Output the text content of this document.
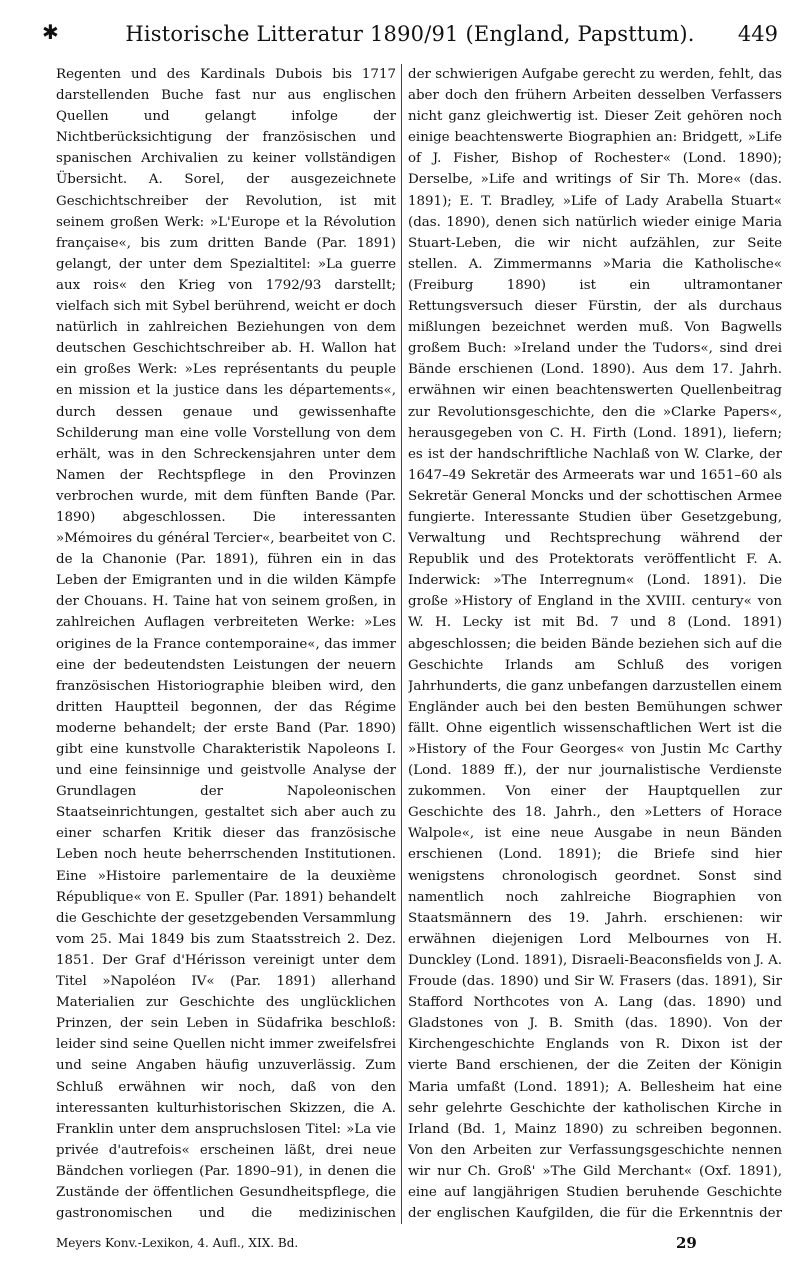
✱	Historische Litteratur 1890/91 (England, Papsttum).	449

Regenten und des Kardinals Dubois bis 1717 darstellenden Buche fast nur aus englischen Quellen und gelangt infolge der Nichtberücksichtigung der französischen und spanischen Archivalien zu keiner vollständigen Übersicht. A. Sorel, der ausgezeichnete Geschichtschreiber der Revolution, ist mit seinem großen Werk: »L'Europe et la Révolution française«, bis zum dritten Bande (Par. 1891) gelangt, der unter dem Spezialtitel: »La guerre aux rois« den Krieg von 1792/93 darstellt; vielfach sich mit Sybel berührend, weicht er doch natürlich in zahlreichen Beziehungen von dem deutschen Geschichtschreiber ab. H. Wallon hat ein großes Werk: »Les représentants du peuple en mission et la justice dans les départements«, durch dessen genaue und gewissenhafte Schilderung man eine volle Vorstellung von dem erhält, was in den Schreckensjahren unter dem Namen der Rechtspflege in den Provinzen verbrochen wurde, mit dem fünften Bande (Par. 1890) abgeschlossen. Die interessanten »Mémoires du général Tercier«, bearbeitet von C. de la Chanonie (Par. 1891), führen ein in das Leben der Emigranten und in die wilden Kämpfe der Chouans. H. Taine hat von seinem großen, in zahlreichen Auflagen verbreiteten Werke: »Les origines de la France contemporaine«, das immer eine der bedeutendsten Leistungen der neuern französischen Historiographie bleiben wird, den dritten Hauptteil begonnen, der das Régime moderne behandelt; der erste Band (Par. 1890) gibt eine kunstvolle Charakteristik Napoleons I. und eine feinsinnige und geistvolle Analyse der Grundlagen der Napoleonischen Staatseinrichtungen, gestaltet sich aber auch zu einer scharfen Kritik dieser das französische Leben noch heute beherrschenden Institutionen. Eine »Histoire parlementaire de la deuxième République« von E. Spuller (Par. 1891) behandelt die Geschichte der gesetzgebenden Versammlung vom 25. Mai 1849 bis zum Staatsstreich 2. Dez. 1851. Der Graf d'Hérisson vereinigt unter dem Titel »Napoléon IV« (Par. 1891) allerhand Materialien zur Geschichte des unglücklichen Prinzen, der sein Leben in Südafrika beschloß: leider sind seine Quellen nicht immer zweifelsfrei und seine Angaben häufig unzuverlässig. Zum Schluß erwähnen wir noch, daß von den interessanten kulturhistorischen Skizzen, die A. Franklin unter dem anspruchslosen Titel: »La vie privée d'autrefois« erscheinen läßt, drei neue Bändchen vorliegen (Par. 1890–91), in denen die Zustände der öffentlichen Gesundheitspflege, die gastronomischen und die medizinischen

der schwierigen Aufgabe gerecht zu werden, fehlt, das aber doch den frühern Arbeiten desselben Verfassers nicht ganz gleichwertig ist. Dieser Zeit gehören noch einige beachtenswerte Biographien an: Bridgett, »Life of J. Fisher, Bishop of Rochester« (Lond. 1890); Derselbe, »Life and writings of Sir Th. More« (das. 1891); E. T. Bradley, »Life of Lady Arabella Stuart« (das. 1890), denen sich natürlich wieder einige Maria Stuart-Leben, die wir nicht aufzählen, zur Seite stellen. A. Zimmermanns »Maria die Katholische« (Freiburg 1890) ist ein ultramontaner Rettungsversuch dieser Fürstin, der als durchaus mißlungen bezeichnet werden muß. Von Bagwells großem Buch: »Ireland under the Tudors«, sind drei Bände erschienen (Lond. 1890). Aus dem 17. Jahrh. erwähnen wir einen beachtenswerten Quellenbeitrag zur Revolutionsgeschichte, den die »Clarke Papers«, herausgegeben von C. H. Firth (Lond. 1891), liefern; es ist der handschriftliche Nachlaß von W. Clarke, der 1647–49 Sekretär des Armeerats war und 1651–60 als Sekretär General Moncks und der schottischen Armee fungierte. Interessante Studien über Gesetzgebung, Verwaltung und Rechtsprechung während der Republik und des Protektorats veröffentlicht F. A. Inderwick: »The Interregnum« (Lond. 1891). Die große »History of England in the XVIII. century« von W. H. Lecky ist mit Bd. 7 und 8 (Lond. 1891) abgeschlossen; die beiden Bände beziehen sich auf die Geschichte Irlands am Schluß des vorigen Jahrhunderts, die ganz unbefangen darzustellen einem Engländer auch bei den besten Bemühungen schwer fällt. Ohne eigentlich wissenschaftlichen Wert ist die »History of the Four Georges« von Justin Mc Carthy (Lond. 1889 ff.), der nur journalistische Verdienste zukommen. Von einer der Hauptquellen zur Geschichte des 18. Jahrh., den »Letters of Horace Walpole«, ist eine neue Ausgabe in neun Bänden erschienen (Lond. 1891); die Briefe sind hier wenigstens chronologisch geordnet. Sonst sind namentlich noch zahlreiche Biographien von Staatsmännern des 19. Jahrh. erschienen: wir erwähnen diejenigen Lord Melbournes von H. Dunckley (Lond. 1891), Disraeli-Beaconsfields von J. A. Froude (das. 1890) und Sir W. Frasers (das. 1891), Sir Stafford Northcotes von A. Lang (das. 1890) und Gladstones von J. B. Smith (das. 1890). Von der Kirchengeschichte Englands von R. Dixon ist der vierte Band erschienen, der die Zeiten der Königin Maria umfaßt (Lond. 1891); A. Bellesheim hat eine sehr gelehrte Geschichte der katholischen Kirche in Irland (Bd. 1, Mainz 1890) zu schreiben begonnen. Von den Arbeiten zur Verfassungsgeschichte nennen wir nur Ch. Groß' »The Gild Merchant« (Oxf. 1891), eine auf langjährigen Studien beruhende Geschichte der englischen Kaufgilden, die für die Erkenntnis der

Meyers Konv.-Lexikon, 4. Aufl., XIX. Bd.	29
